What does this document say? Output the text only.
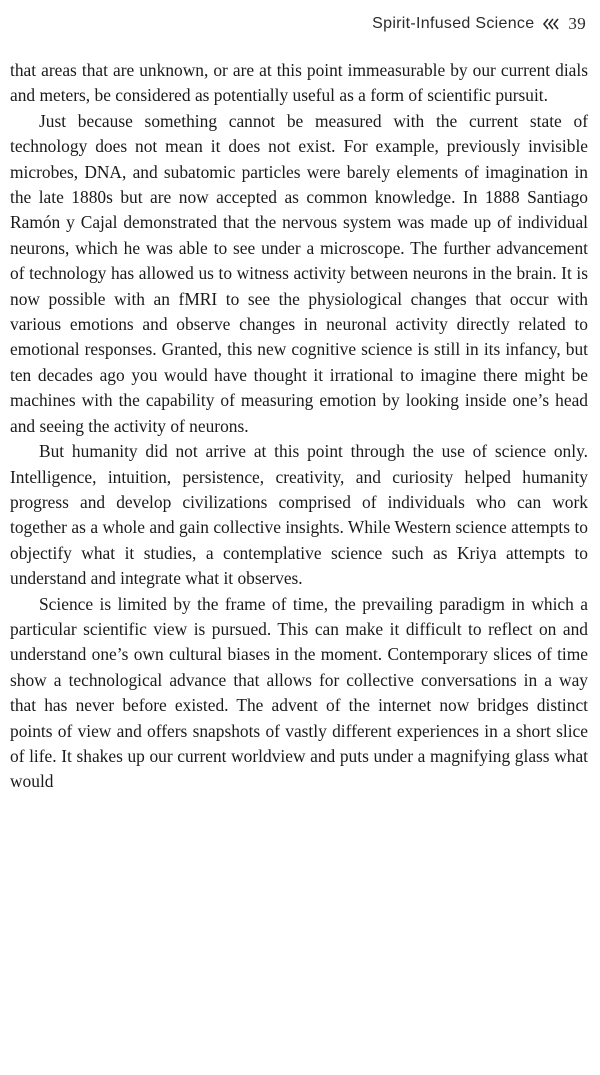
Spirit-Infused Science 39

that areas that are unknown, or are at this point immeasurable by our current dials and meters, be considered as potentially useful as a form of scientific pursuit.

Just because something cannot be measured with the current state of technology does not mean it does not exist. For example, previously invisible microbes, DNA, and subatomic particles were barely elements of imagination in the late 1880s but are now accepted as common knowledge. In 1888 Santiago Ramón y Cajal demonstrated that the nervous system was made up of individual neurons, which he was able to see under a microscope. The further advancement of technology has allowed us to witness activity between neurons in the brain. It is now possible with an fMRI to see the physiological changes that occur with various emotions and observe changes in neuronal activity directly related to emotional responses. Granted, this new cognitive science is still in its infancy, but ten decades ago you would have thought it irrational to imagine there might be machines with the capability of measuring emotion by looking inside one’s head and seeing the activity of neurons.

But humanity did not arrive at this point through the use of science only. Intelligence, intuition, persistence, creativity, and curiosity helped humanity progress and develop civilizations comprised of individuals who can work together as a whole and gain collective insights. While Western science attempts to objectify what it studies, a contemplative science such as Kriya attempts to understand and integrate what it observes.

Science is limited by the frame of time, the prevailing paradigm in which a particular scientific view is pursued. This can make it difficult to reflect on and understand one’s own cultural biases in the moment. Contemporary slices of time show a technological advance that allows for collective conversations in a way that has never before existed. The advent of the internet now bridges distinct points of view and offers snapshots of vastly different experiences in a short slice of life. It shakes up our current worldview and puts under a magnifying glass what would
